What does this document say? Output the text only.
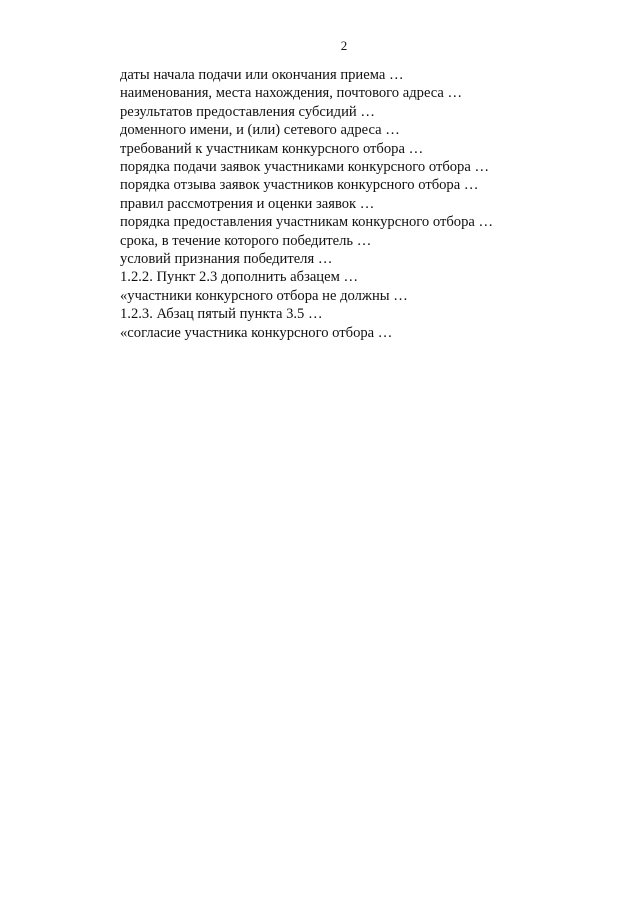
2

даты начала подачи или окончания приема …

наименования, места нахождения, почтового адреса …

результатов предоставления субсидий …

доменного имени, и (или) сетевого адреса …

требований к участникам конкурсного отбора …

порядка подачи заявок участниками конкурсного отбора …

порядка отзыва заявок участников конкурсного отбора …

правил рассмотрения и оценки заявок …

порядка предоставления участникам конкурсного отбора …

срока, в течение которого победитель …

условий признания победителя …

1.2.2. Пункт 2.3 дополнить абзацем …

«участники конкурсного отбора не должны …

1.2.3. Абзац пятый пункта 3.5 …

«согласие участника конкурсного отбора …
